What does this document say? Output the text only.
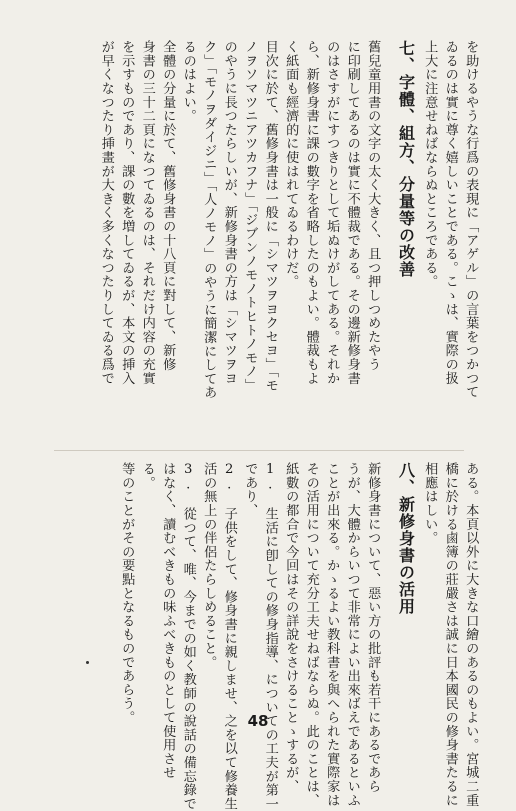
を助けるやうな行爲の表現に「アゲル」の言葉をつかつて
ゐるのは實に尊く嬉しいことである。こゝは、實際の扱
上大に注意せねばならぬところである。
七、字體、組方、分量等の改善
舊兒童用書の文字の太く大きく、且つ押しつめたやう
に印刷してあるのは實に不體裁である。その邊新修身書
のはさすがにすつきりとして垢ぬけがしてある。それか
ら、新修身書に課の數字を省略したのもよい。體裁もよ
く紙面も經濟的に使はれてゐるわけだ。
目次に於て、舊修身書は一般に「シマツヲヨクセヨ」「モ
ノヲソマツニアツカフナ」「ジブンノモノトヒトノモノ」
のやうに長つたらしいが、新修身書の方は「シマツヲヨ
ク」「モノヲダイジニ」「人ノモノ」のやうに簡潔にしてあ
るのはよい。
全體の分量に於て、舊修身書の十八頁に對して、新修
身書の三十二頁になつてゐるのは、それだけ内容の充實
を示すものであり、課の數を増してゐるが、本文の挿入
が早くなつたり挿畫が大きく多くなつたりしてゐる爲で
ある。本頁以外に大きな口繪のあるのもよい。宮城二重
橋に於ける鹵簿の莊嚴さは誠に日本國民の修身書たるに
相應はしい。
八、新修身書の活用
新修身書について、惡い方の批評も若干にあるであら
うが、大體からいつて非常によい出來ばえであるといふ
ことが出來る。かゝるよい教科書を與へられた實際家は
その活用について充分工夫せねばならぬ。此のことは、
紙數の都合で今回はその詳說をさけることゝするが、
1.　生活に卽しての修身指導、についての工夫が第一
であり、
2.　子供をして、修身書に親しませ、之を以て修養生
活の無上の伴侶たらしめること。
3.　從つて、唯、今までの如く教師の說話の備忘錄で
はなく、讀むべきもの味ふべきものとして使用させ
る。
等のことがその要點となるものであらう。	48
